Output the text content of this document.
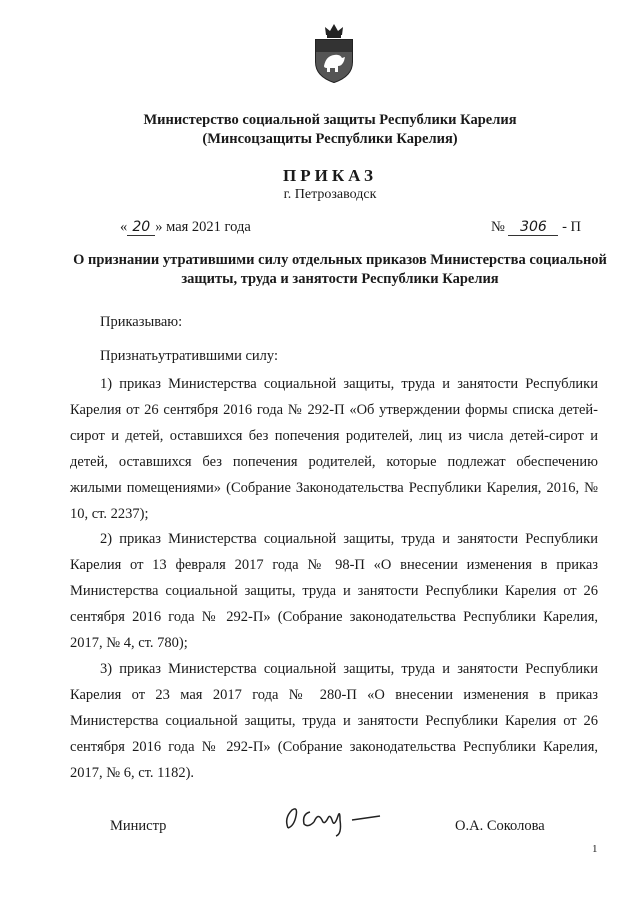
Министерство социальной защиты Республики Карелия
(Минсоцзащиты Республики Карелия)
ПРИКАЗ
г. Петрозаводск
« 20 » мая 2021 года	№ 306 - П
О признании утратившими силу отдельных приказов Министерства социальной защиты, труда и занятости Республики Карелия
Приказываю:
Признатьутратившими силу:
1) приказ Министерства социальной защиты, труда и занятости Республики Карелия от 26 сентября 2016 года № 292-П «Об утверждении формы списка детей-сирот и детей, оставшихся без попечения родителей, лиц из числа детей-сирот и детей, оставшихся без попечения родителей, которые подлежат обеспечению жилыми помещениями» (Собрание Законодательства Республики Карелия, 2016, № 10, ст. 2237);
2) приказ Министерства социальной защиты, труда и занятости Республики Карелия от 13 февраля 2017 года № 98-П «О внесении изменения в приказ Министерства социальной защиты, труда и занятости Республики Карелия от 26 сентября 2016 года № 292-П» (Собрание законодательства Республики Карелия, 2017, № 4, ст. 780);
3) приказ Министерства социальной защиты, труда и занятости Республики Карелия от 23 мая 2017 года № 280-П «О внесении изменения в приказ Министерства социальной защиты, труда и занятости Республики Карелия от 26 сентября 2016 года № 292-П» (Собрание законодательства Республики Карелия, 2017, № 6, ст. 1182).
Министр	О.А. Соколова
1
